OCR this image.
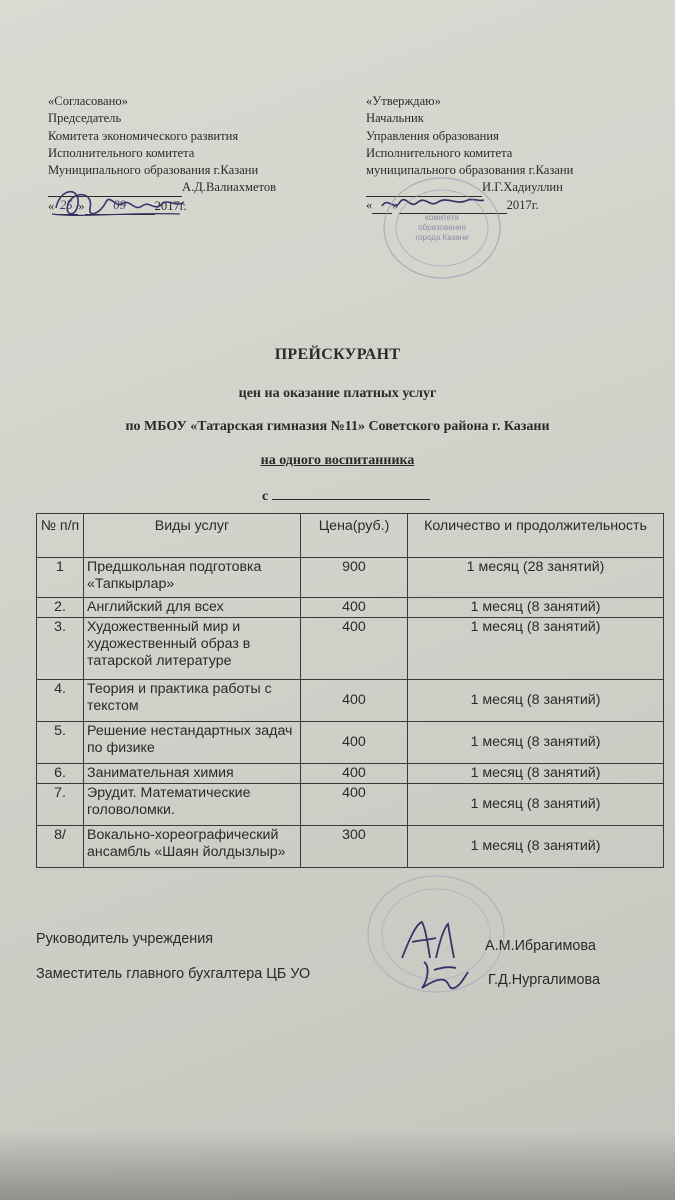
«Согласовано»
Председатель
Комитета экономического развития
Исполнительного комитета
Муниципального образования г.Казани
А.Д.Валиахметов
« 25 » 09 2017г.
«Утверждаю»
Начальник
Управления образования
Исполнительного комитета
муниципального образования г.Казани
И.Г.Хадиуллин
« »	2017г.
комитета
образования
города Казани
ПРЕЙСКУРАНТ
цен на оказание платных услуг
по МБОУ «Татарская гимназия №11» Советского района г. Казани
на одного воспитанника
с
№ п/п	Виды услуг	Цена(руб.)	Количество и продолжительность
1	Предшкольная подготовка «Тапкырлар»	900	1 месяц (28 занятий)
2.	Английский для всех	400	1 месяц (8 занятий)
3.	Художественный мир и художественный образ в татарской литературе	400	1 месяц (8 занятий)
4.	Теория и практика работы с текстом	400	1 месяц (8 занятий)
5.	Решение нестандартных задач по физике	400	1 месяц (8 занятий)
6.	Занимательная химия	400	1 месяц (8 занятий)
7.	Эрудит. Математические головоломки.	400	1 месяц (8 занятий)
8/	Вокально-хореографический ансамбль «Шаян йолдызлыр»	300	1 месяц (8 занятий)
Руководитель учреждения	А.М.Ибрагимова
Заместитель главного бухгалтера ЦБ УО	Г.Д.Нургалимова
